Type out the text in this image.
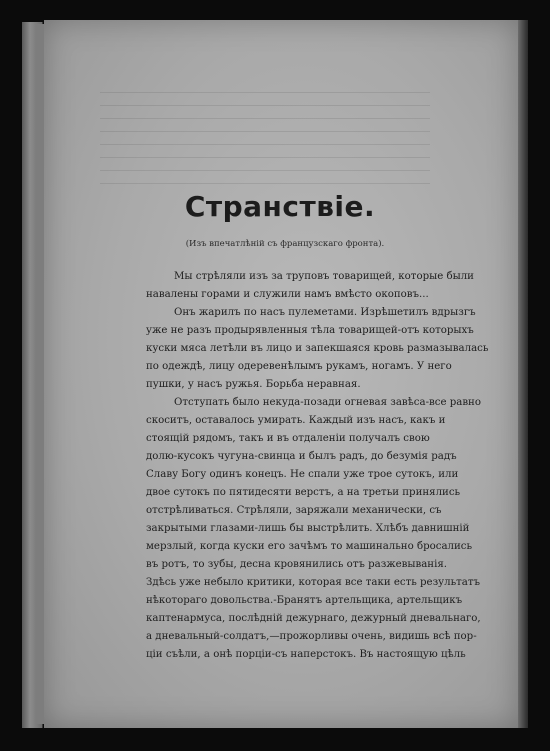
Странствіе.
(Изъ впечатлѣній съ французскаго фронта).
Мы стрѣляли изъ за труповъ товарищей, которые были
навалены горами и служили намъ вмѣсто окоповъ...
Онъ жарилъ по насъ пулеметами. Изрѣшетилъ вдрызгъ
уже не разъ продырявленныя тѣла товарищей-отъ которыхъ
куски мяса летѣли въ лицо и запекшаяся кровь размазывалась
по одеждѣ, лицу одеревенѣлымъ рукамъ, ногамъ. У него
пушки, у насъ ружья. Борьба неравная.
Отступать было некуда-позади огневая завѣса-все равно
скоситъ, оставалось умирать. Каждый изъ насъ, какъ и
стоящій рядомъ, такъ и въ отдаленіи получалъ свою
долю-кусокъ чугуна-свинца и былъ радъ, до безумія радъ
Славу Богу одинъ конецъ. Не спали уже трое сутокъ, или
двое сутокъ по пятидесяти верстъ, а на третьи принялись
отстрѣливаться. Стрѣляли, заряжали механически, съ
закрытыми глазами-лишь бы выстрѣлить. Хлѣбъ давнишній
мерзлый, когда куски его зачѣмъ то машинально бросались
въ ротъ, то зубы, десна кровянились отъ разжевыванія.
Здѣсь уже небыло критики, которая все таки есть результатъ
нѣкотораго довольства.-Бранятъ артельщика, артельщикъ
каптенармуса, послѣдній дежурнаго, дежурный дневальнаго,
а дневальный-солдатъ,—прожорливы очень, видишь всѣ пор-
ціи съѣли, а онѣ порціи-съ наперстокъ. Въ настоящую цѣль
